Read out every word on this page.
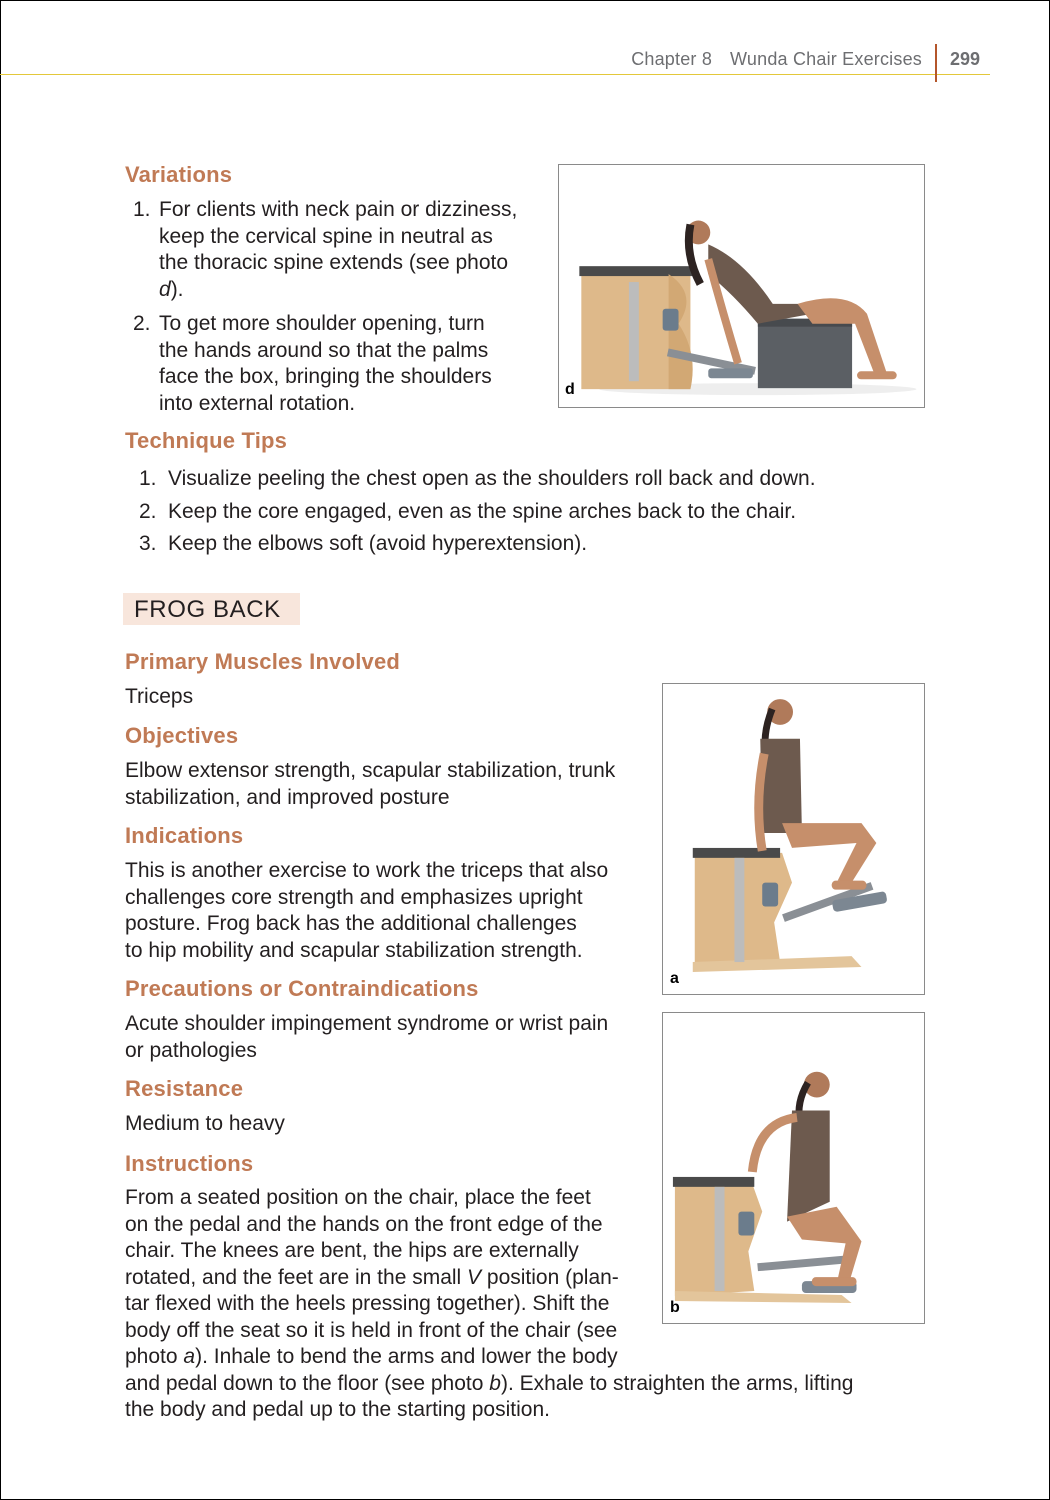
Chapter 8 Wunda Chair Exercises 299
Variations
1. For clients with neck pain or dizziness,
keep the cervical spine in neutral as
the thoracic spine extends (see photo
d).
2. To get more shoulder opening, turn
the hands around so that the palms
face the box, bringing the shoulders
into external rotation.
d
Technique Tips
1. Visualize peeling the chest open as the shoulders roll back and down.
2. Keep the core engaged, even as the spine arches back to the chair.
3. Keep the elbows soft (avoid hyperextension).
FROG BACK
Primary Muscles Involved

Triceps

Objectives

Elbow extensor strength, scapular stabilization, trunk
stabilization, and improved posture

Indications

This is another exercise to work the triceps that also
challenges core strength and emphasizes upright
posture. Frog back has the additional challenges
to hip mobility and scapular stabilization strength.

Precautions or Contraindications

Acute shoulder impingement syndrome or wrist pain
or pathologies

Resistance

Medium to heavy

Instructions

From a seated position on the chair, place the feet
on the pedal and the hands on the front edge of the
chair. The knees are bent, the hips are externally
rotated, and the feet are in the small V position (plan-
tar flexed with the heels pressing together). Shift the
body off the seat so it is held in front of the chair (see
photo a). Inhale to bend the arms and lower the body
and pedal down to the floor (see photo b). Exhale to straighten the arms, lifting
the body and pedal up to the starting position.

a
b
